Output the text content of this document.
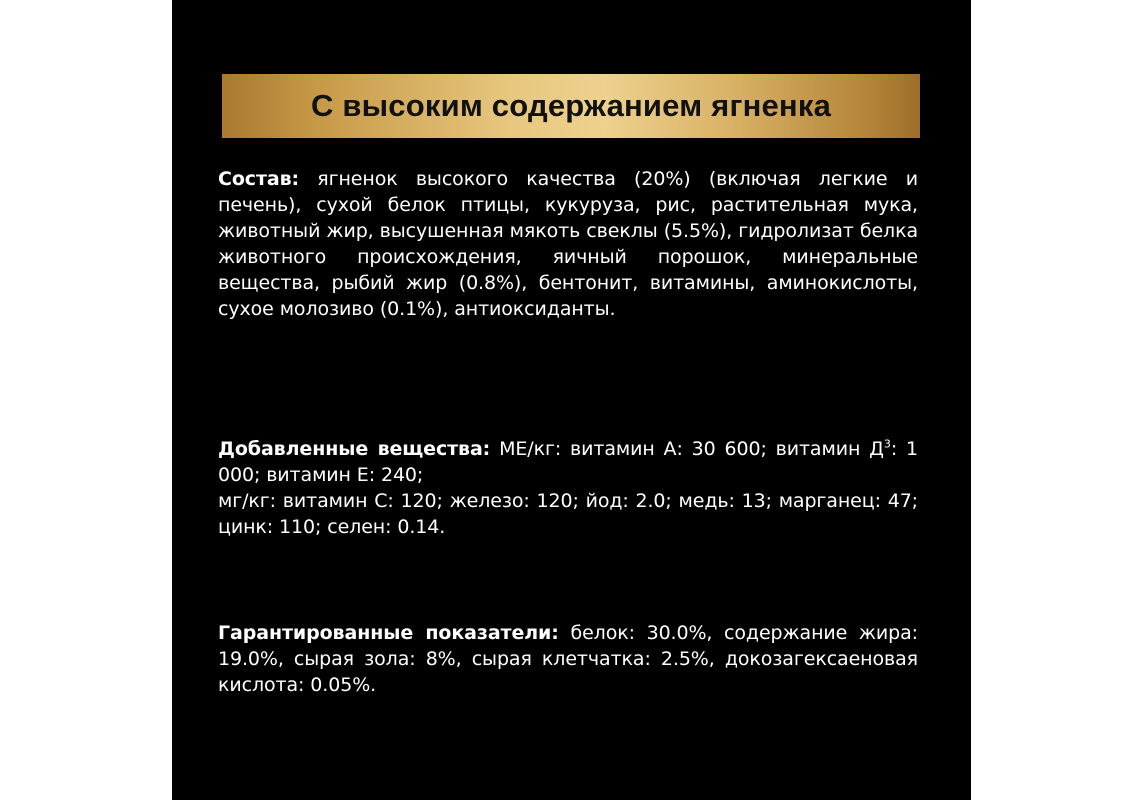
С высоким содержанием ягненка
Состав: ягненок высокого качества (20%) (включая легкие и печень), сухой белок птицы, кукуруза, рис, растительная мука, животный жир, высушенная мякоть свеклы (5.5%), гидролизат белка животного происхождения, яичный порошок, минеральные вещества, рыбий жир (0.8%), бентонит, витамины, аминокислоты, сухое молозиво (0.1%), антиоксиданты.
Добавленные вещества: МЕ/кг: витамин А: 30 600; витамин $Д^3$: 1 000; витамин Е: 240;
мг/кг: витамин С: 120; железо: 120; йод: 2.0; медь: 13; марганец: 47; цинк: 110; селен: 0.14.
Гарантированные показатели: белок: 30.0%, содержание жира: 19.0%, сырая зола: 8%, сырая клетчатка: 2.5%, докозагексаеновая кислота: 0.05%.
